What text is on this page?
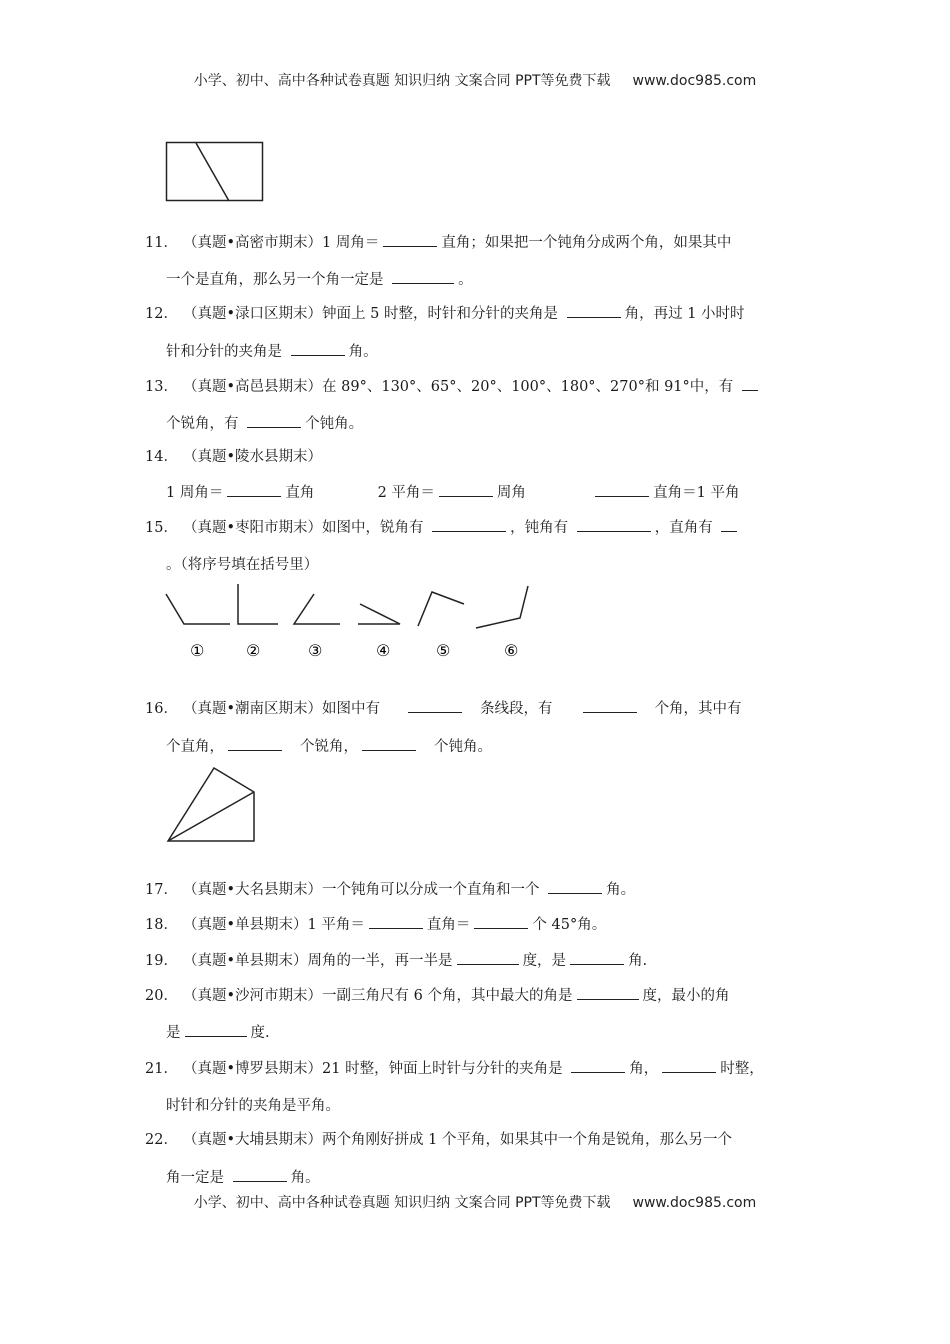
小学、初中、高中各种试卷真题 知识归纳 文案合同 PPT等免费下载 www.doc985.com
11． （真题•高密市期末）1 周角＝	直角；如果把一个钝角分成两个角，如果其中
一个是直角，那么另一个角一定是	。
12． （真题•渌口区期末）钟面上 5 时整，时针和分针的夹角是	角，再过 1 小时时
针和分针的夹角是	角。
13． （真题•高邑县期末）在 89°、130°、65°、20°、100°、180°、270°和 91°中，有
个锐角，有	个钝角。
14． （真题•陵水县期末）
1 周角＝	直角	2 平角＝	周角	直角＝1 平角
15． （真题•枣阳市期末）如图中，锐角有	，钝角有	，直角有
。（将序号填在括号里）
①	②	③	④	⑤	⑥
16． （真题•潮南区期末）如图中有	条线段，有	个角，其中有
个直角，	个锐角，	个钝角。
17． （真题•大名县期末）一个钝角可以分成一个直角和一个	角。
18． （真题•单县期末）1 平角＝	直角＝	个 45°角。
19． （真题•单县期末）周角的一半，再一半是	度，是	角.
20． （真题•沙河市期末）一副三角尺有 6 个角，其中最大的角是	度，最小的角
是	度.
21． （真题•博罗县期末）21 时整，钟面上时针与分针的夹角是	角，	时整，
时针和分针的夹角是平角。
22． （真题•大埔县期末）两个角刚好拼成 1 个平角，如果其中一个角是锐角，那么另一个
角一定是	角。
小学、初中、高中各种试卷真题 知识归纳 文案合同 PPT等免费下载 www.doc985.com
